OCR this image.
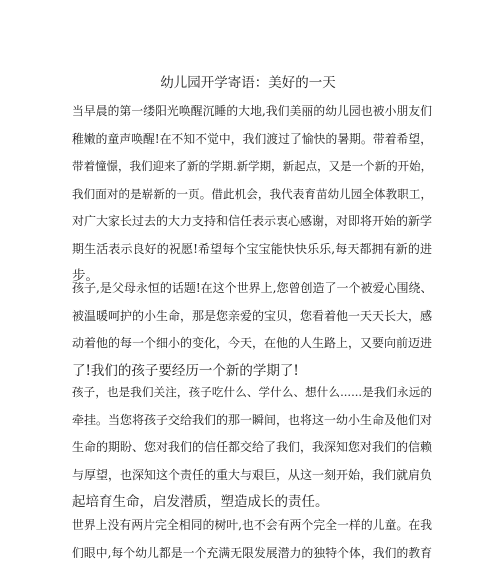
幼儿园开学寄语：美好的一天

当早晨的第一缕阳光唤醒沉睡的大地,我们美丽的幼儿园也被小朋友们
稚嫩的童声唤醒!在不知不觉中，我们渡过了愉快的暑期。带着希望，
带着憧憬，我们迎来了新的学期.新学期，新起点，又是一个新的开始，
我们面对的是崭新的一页。借此机会，我代表育苗幼儿园全体教职工，
对广大家长过去的大力支持和信任表示衷心感谢，对即将开始的新学
期生活表示良好的祝愿!希望每个宝宝能快快乐乐,每天都拥有新的进
步。

孩子,是父母永恒的话题!在这个世界上,您曾创造了一个被爱心围绕、
被温暖呵护的小生命，那是您亲爱的宝贝，您看着他一天天长大，感
动着他的每一个细小的变化，今天，在他的人生路上，又要向前迈进
了!我们的孩子要经历一个新的学期了!

孩子，也是我们关注，孩子吃什么、学什么、想什么......是我们永远的
牵挂。当您将孩子交给我们的那一瞬间，也将这一幼小生命及他们对
生命的期盼、您对我们的信任都交给了我们，我深知您对我们的信赖
与厚望，也深知这个责任的重大与艰巨，从这一刻开始，我们就肩负
起培育生命，启发潜质，塑造成长的责任。

世界上没有两片完全相同的树叶,也不会有两个完全一样的儿童。在我
们眼中,每个幼儿都是一个充满无限发展潜力的独特个体，我们的教育
